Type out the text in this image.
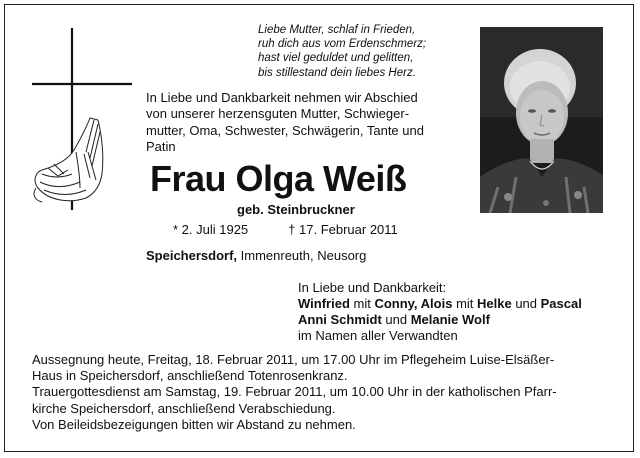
Liebe Mutter, schlaf in Frieden,
ruh dich aus vom Erdenschmerz;
hast viel geduldet und gelitten,
bis stillestand dein liebes Herz.
In Liebe und Dankbarkeit nehmen wir Abschied
von unserer herzensguten Mutter, Schwieger-
mutter, Oma, Schwester, Schwägerin, Tante und
Patin
Frau Olga Weiß
geb. Steinbruckner
* 2. Juli 1925	† 17. Februar 2011
Speichersdorf, Immenreuth, Neusorg
In Liebe und Dankbarkeit:
Winfried mit Conny, Alois mit Helke und Pascal
Anni Schmidt und Melanie Wolf
im Namen aller Verwandten
Aussegnung heute, Freitag, 18. Februar 2011, um 17.00 Uhr im Pflegeheim Luise-Elsäßer-
Haus in Speichersdorf, anschließend Totenrosenkranz.
Trauergottesdienst am Samstag, 19. Februar 2011, um 10.00 Uhr in der katholischen Pfarr-
kirche Speichersdorf, anschließend Verabschiedung.
Von Beileidsbezeigungen bitten wir Abstand zu nehmen.
